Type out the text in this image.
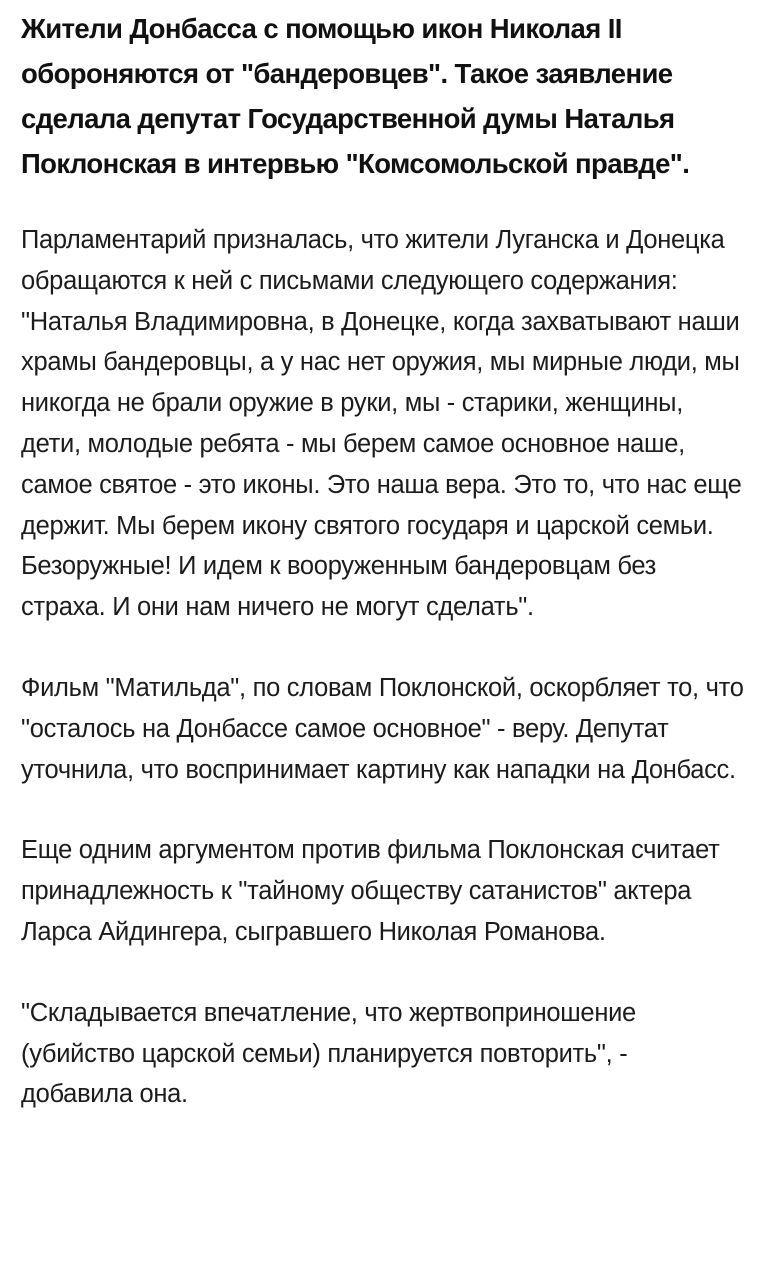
Жители Донбасса с помощью икон Николая II обороняются от "бандеровцев". Такое заявление сделала депутат Государственной думы Наталья Поклонская в интервью "Комсомольской правде".

Парламентарий призналась, что жители Луганска и Донецка обращаются к ней с письмами следующего содержания: "Наталья Владимировна, в Донецке, когда захватывают наши храмы бандеровцы, а у нас нет оружия, мы мирные люди, мы никогда не брали оружие в руки, мы - старики, женщины, дети, молодые ребята - мы берем самое основное наше, самое святое - это иконы. Это наша вера. Это то, что нас еще держит. Мы берем икону святого государя и царской семьи. Безоружные! И идем к вооруженным бандеровцам без страха. И они нам ничего не могут сделать".

Фильм "Матильда", по словам Поклонской, оскорбляет то, что "осталось на Донбассе самое основное" - веру. Депутат уточнила, что воспринимает картину как нападки на Донбасс.

Еще одним аргументом против фильма Поклонская считает принадлежность к "тайному обществу сатанистов" актера Ларса Айдингера, сыгравшего Николая Романова.

"Складывается впечатление, что жертвоприношение (убийство царской семьи) планируется повторить", - добавила она.
